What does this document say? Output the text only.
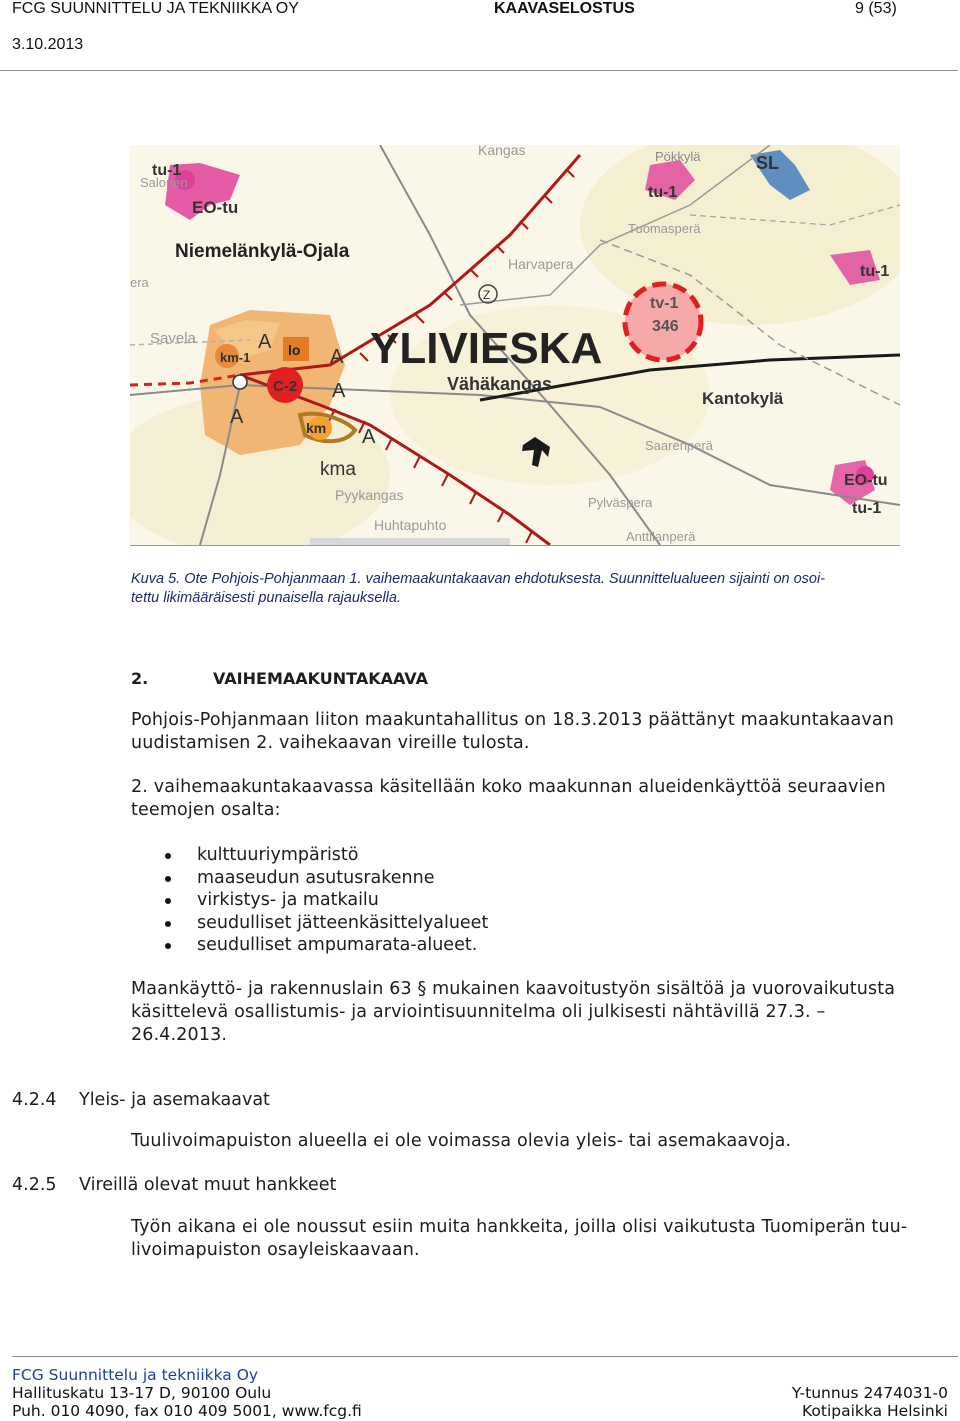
FCG SUUNNITTELU JA TEKNIIKKA OY	KAAVASELOSTUS	9 (53)
3.10.2013
Kangas	Pökkylä	SL
tu-1
Tuomasperä
tu-1
Salonen
tu-1
EO-tu
Niemelänkylä-Ojala
Harvapera
Z	tv-1
346
era
Savela	YLIVIESKA
Vähäkangas
Kantokylä
km-1	lo
A
A
A
A
A
C-2
km
kma
Saarenperä
Pyykangas	Pylväspera
Huhtapuhto
Anttilanperä
EO-tu
tu-1
Kuva 5. Ote Pohjois-Pohjanmaan 1. vaihemaakuntakaavan ehdotuksesta. Suunnittelualueen sijainti on osoi-
tettu likimääräisesti punaisella rajauksella.
2.	VAIHEMAAKUNTAKAAVA
Pohjois-Pohjanmaan liiton maakuntahallitus on 18.3.2013 päättänyt maakuntakaavan
uudistamisen 2. vaihekaavan vireille tulosta.
2. vaihemaakuntakaavassa käsitellään koko maakunnan alueidenkäyttöä seuraavien
teemojen osalta:
kulttuuriympäristö
maaseudun asutusrakenne
virkistys- ja matkailu
seudulliset jätteenkäsittelyalueet
seudulliset ampumarata-alueet.
Maankäyttö- ja rakennuslain 63 § mukainen kaavoitustyön sisältöä ja vuorovaikutusta
käsittelevä osallistumis- ja arviointisuunnitelma oli julkisesti nähtävillä 27.3. –
26.4.2013.
4.2.4 Yleis- ja asemakaavat
Tuulivoimapuiston alueella ei ole voimassa olevia yleis- tai asemakaavoja.
4.2.5 Vireillä olevat muut hankkeet
Työn aikana ei ole noussut esiin muita hankkeita, joilla olisi vaikutusta Tuomiperän tuu-
livoimapuiston osayleiskaavaan.
FCG Suunnittelu ja tekniikka Oy
Hallituskatu 13-17 D, 90100 Oulu
Puh. 010 4090, fax 010 409 5001, www.fcg.fi
Y-tunnus 2474031-0
Kotipaikka Helsinki
